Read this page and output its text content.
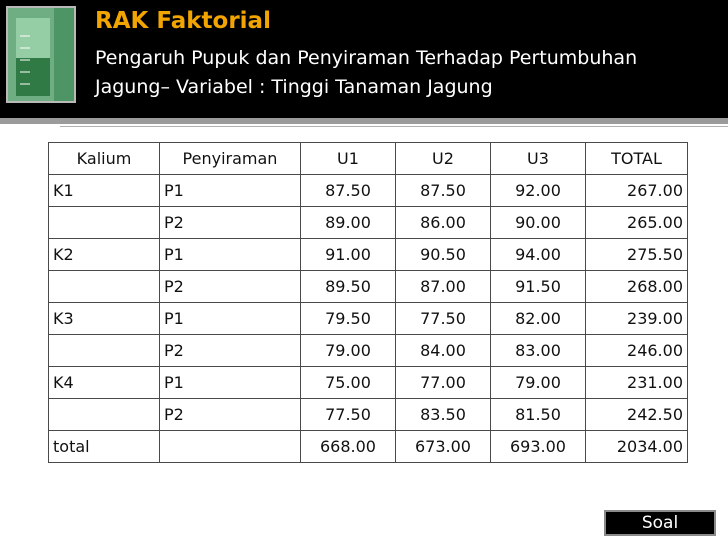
RAK Faktorial
Pengaruh Pupuk dan Penyiraman Terhadap Pertumbuhan
Jagung– Variabel : Tinggi Tanaman Jagung
Kalium	Penyiraman	U1	U2	U3	TOTAL
K1	P1	87.50	87.50	92.00	267.00
	P2	89.00	86.00	90.00	265.00
K2	P1	91.00	90.50	94.00	275.50
	P2	89.50	87.00	91.50	268.00
K3	P1	79.50	77.50	82.00	239.00
	P2	79.00	84.00	83.00	246.00
K4	P1	75.00	77.00	79.00	231.00
	P2	77.50	83.50	81.50	242.50
total		668.00	673.00	693.00	2034.00
Soal
